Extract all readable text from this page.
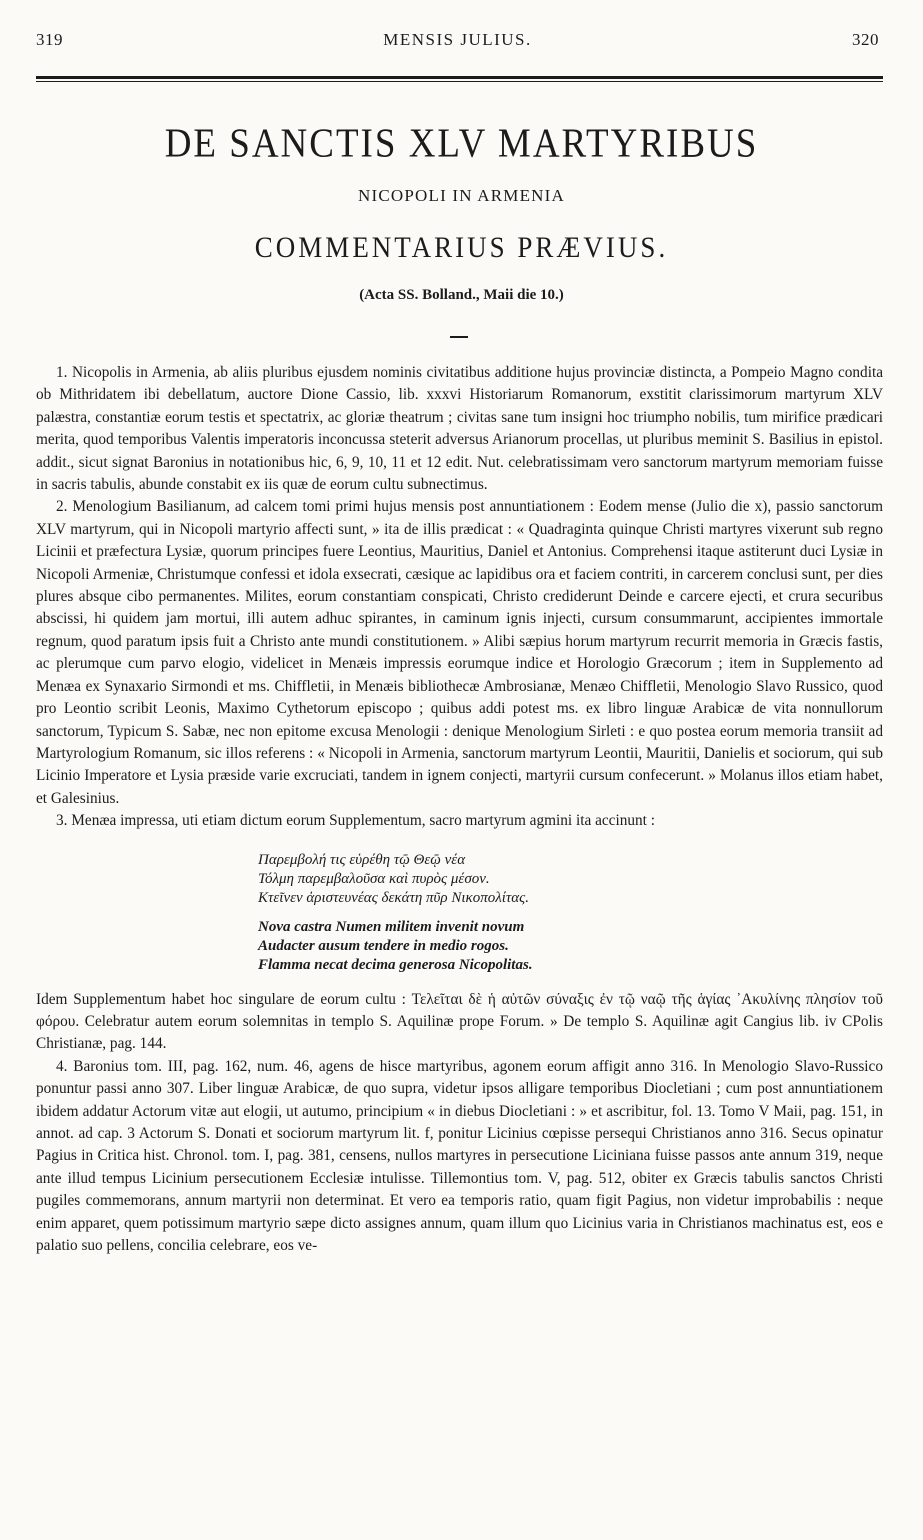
319	MENSIS JULIUS.	320
DE SANCTIS XLV MARTYRIBUS
NICOPOLI IN ARMENIA
COMMENTARIUS PRÆVIUS.
(Acta SS. Bolland., Maii die 10.)

1. Nicopolis in Armenia, ab aliis pluribus ejusdem nominis civitatibus additione hujus provinciæ distincta, a Pompeio Magno condita ob Mithridatem ibi debellatum, auctore Dione Cassio, lib. xxxvi Historiarum Romanorum, exstitit clarissimorum martyrum XLV palæstra, constantiæ eorum testis et spectatrix, ac gloriæ theatrum ; civitas sane tum insigni hoc triumpho nobilis, tum mirifice prædicari merita, quod temporibus Valentis imperatoris inconcussa steterit adversus Arianorum procellas, ut pluribus meminit S. Basilius in epistol. addit., sicut signat Baronius in notationibus hic, 6, 9, 10, 11 et 12 edit. Nut. celebratissimam vero sanctorum martyrum memoriam fuisse in sacris tabulis, abunde constabit ex iis quæ de eorum cultu subnectimus.

2. Menologium Basilianum, ad calcem tomi primi hujus mensis post annuntiationem : Eodem mense (Julio die x), passio sanctorum XLV martyrum, qui in Nicopoli martyrio affecti sunt, » ita de illis prædicat : « Quadraginta quinque Christi martyres vixerunt sub regno Licinii et præfectura Lysiæ, quorum principes fuere Leontius, Mauritius, Daniel et Antonius. Comprehensi itaque astiterunt duci Lysiæ in Nicopoli Armeniæ, Christumque confessi et idola exsecrati, cæsique ac lapidibus ora et faciem contriti, in carcerem conclusi sunt, per dies plures absque cibo permanentes. Milites, eorum constantiam conspicati, Christo crediderunt Deinde e carcere ejecti, et crura securibus abscissi, hi quidem jam mortui, illi autem adhuc spirantes, in caminum ignis injecti, cursum consummarunt, accipientes immortale regnum, quod paratum ipsis fuit a Christo ante mundi constitutionem. » Alibi sæpius horum martyrum recurrit memoria in Græcis fastis, ac plerumque cum parvo elogio, videlicet in Menæis impressis eorumque indice et Horologio Græcorum ; item in Supplemento ad Menæa ex Synaxario Sirmondi et ms. Chiffletii, in Menæis bibliothecæ Ambrosianæ, Menæo Chiffletii, Menologio Slavo Russico, quod pro Leontio scribit Leonis, Maximo Cythetorum episcopo ; quibus addi potest ms. ex libro linguæ Arabicæ de vita nonnullorum sanctorum, Typicum S. Sabæ, nec non epitome excusa Menologii : denique Menologium Sirleti : e quo postea eorum memoria transiit ad Martyrologium Romanum, sic illos referens : « Nicopoli in Armenia, sanctorum martyrum Leontii, Mauritii, Danielis et sociorum, qui sub Licinio Imperatore et Lysia præside varie excruciati, tandem in ignem conjecti, martyrii cursum confecerunt. » Molanus illos etiam habet, et Galesinius.

3. Menæa impressa, uti etiam dictum eorum Supplementum, sacro martyrum agmini ita accinunt :

Παρεμβολή τις εὑρέθη τῷ Θεῷ νέα
Τόλμη παρεμβαλοῦσα καὶ πυρὸς μέσον.
Κτεῖνεν ἀριστευνέας δεκάτη πῦρ Νικοπολίτας.
Nova castra Numen militem invenit novum
Audacter ausum tendere in medio rogos.
Flamma necat decima generosa Nicopolitas.

Idem Supplementum habet hoc singulare de eorum cultu : Τελεῖται δὲ ἡ αὐτῶν σύναξις ἐν τῷ ναῷ τῆς ἁγίας ᾿Ακυλίνης πλησίον τοῦ φόρου. Celebratur autem eorum solemnitas in templo S. Aquilinæ prope Forum. » De templo S. Aquilinæ agit Cangius lib. iv CPolis Christianæ, pag. 144.

4. Baronius tom. III, pag. 162, num. 46, agens de hisce martyribus, agonem eorum affigit anno 316. In Menologio Slavo-Russico ponuntur passi anno 307. Liber linguæ Arabicæ, de quo supra, videtur ipsos alligare temporibus Diocletiani ; cum post annuntiationem ibidem addatur Actorum vitæ aut elogii, ut autumo, principium « in diebus Diocletiani : » et ascribitur, fol. 13. Tomo V Maii, pag. 151, in annot. ad cap. 3 Actorum S. Donati et sociorum martyrum lit. f, ponitur Licinius cœpisse persequi Christianos anno 316. Secus opinatur Pagius in Critica hist. Chronol. tom. I, pag. 381, censens, nullos martyres in persecutione Liciniana fuisse passos ante annum 319, neque ante illud tempus Licinium persecutionem Ecclesiæ intulisse. Tillemontius tom. V, pag. 512, obiter ex Græcis tabulis sanctos Christi pugiles commemorans, annum martyrii non determinat. Et vero ea temporis ratio, quam figit Pagius, non videtur improbabilis : neque enim apparet, quem potissimum martyrio sæpe dicto assignes annum, quam illum quo Licinius varia in Christianos machinatus est, eos e palatio suo pellens, concilia celebrare, eos ve-
